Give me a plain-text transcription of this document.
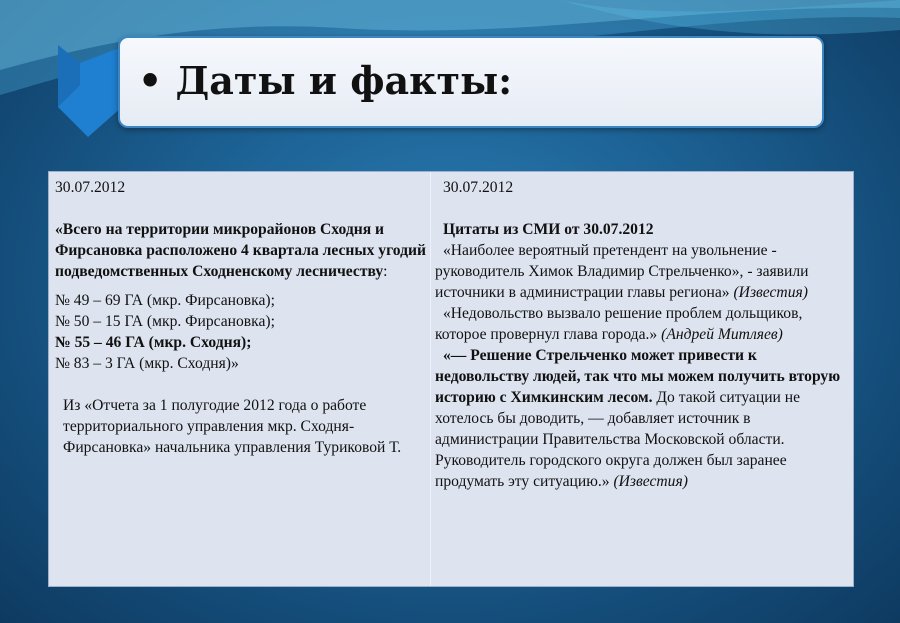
• Даты и факты:

30.07.2012

«Всего на территории микрорайонов Сходня и Фирсановка расположено 4 квартала лесных угодий подведомственных Сходненскому лесничеству:

№ 49 – 69 ГА (мкр. Фирсановка);

№ 50 – 15 ГА (мкр. Фирсановка);

№ 55 – 46 ГА (мкр. Сходня);

№ 83 – 3 ГА (мкр. Сходня)»

Из «Отчета за 1 полугодие 2012 года о работе территориального управления мкр. Сходня-Фирсановка» начальника управления Туриковой Т.

30.07.2012

Цитаты из СМИ от 30.07.2012

«Наиболее вероятный претендент на увольнение - руководитель Химок Владимир Стрельченко», - заявили источники в администрации главы региона» (Известия)

«Недовольство вызвало решение проблем дольщиков, которое провернул глава города.» (Андрей Митляев)

«— Решение Стрельченко может привести к недовольству людей, так что мы можем получить вторую историю с Химкинским лесом. До такой ситуации не хотелось бы доводить, — добавляет источник в администрации Правительства Московской области. Руководитель городского округа должен был заранее продумать эту ситуацию.» (Известия)
